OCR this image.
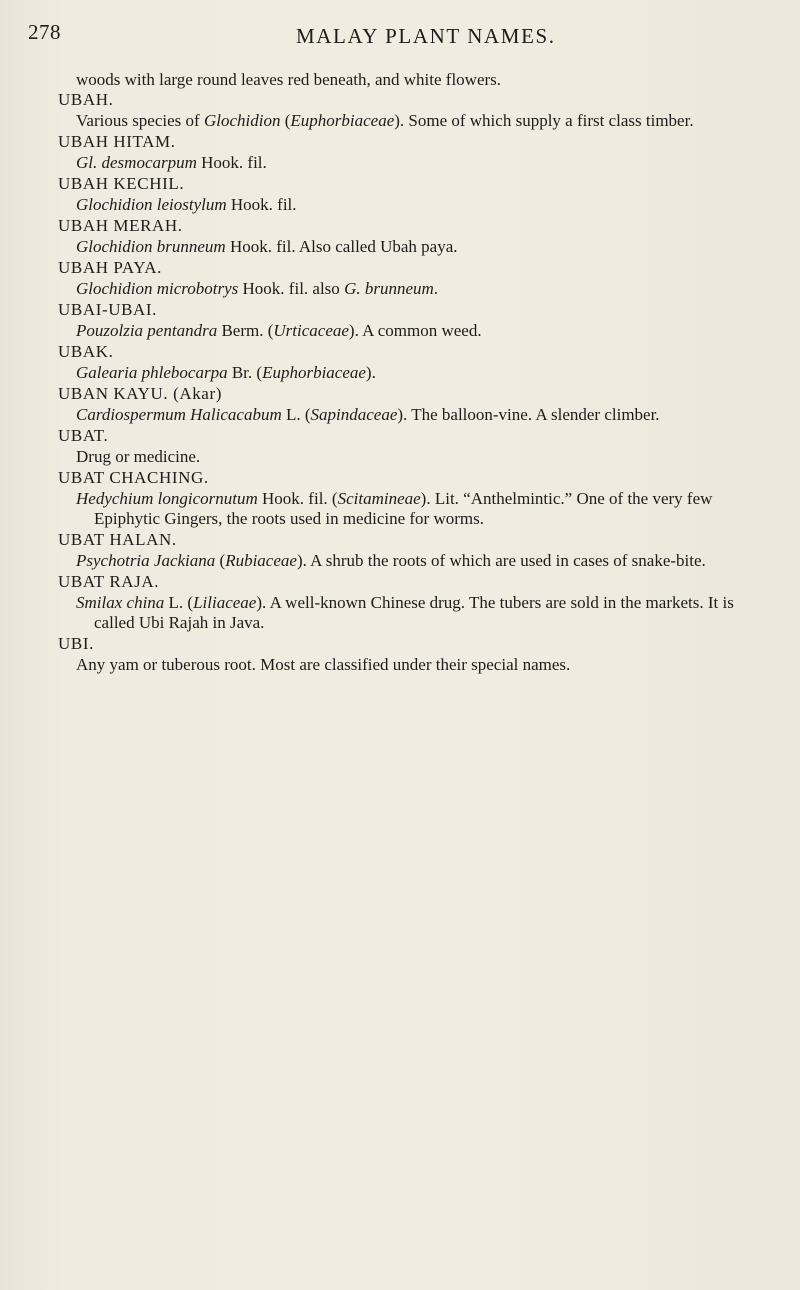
278	MALAY PLANT NAMES.

woods with large round leaves red beneath, and white flowers.

UBAH.

Various species of Glochidion (Euphorbiaceae). Some of which supply a first class timber.

UBAH HITAM.

Gl. desmocarpum Hook. fil.

UBAH KECHIL.

Glochidion leiostylum Hook. fil.

UBAH MERAH.

Glochidion brunneum Hook. fil. Also called Ubah paya.

UBAH PAYA.

Glochidion microbotrys Hook. fil. also G. brunneum.

UBAI-UBAI.

Pouzolzia pentandra Berm. (Urticaceae). A common weed.

UBAK.

Galearia phlebocarpa Br. (Euphorbiaceae).

UBAN KAYU. (Akar)

Cardiospermum Halicacabum L. (Sapindaceae). The balloon-vine. A slender climber.

UBAT.

Drug or medicine.

UBAT CHACHING.

Hedychium longicornutum Hook. fil. (Scitamineae). Lit. “Anthelmintic.” One of the very few Epiphytic Gingers, the roots used in medicine for worms.

UBAT HALAN.

Psychotria Jackiana (Rubiaceae). A shrub the roots of which are used in cases of snake-bite.

UBAT RAJA.

Smilax china L. (Liliaceae). A well-known Chinese drug. The tubers are sold in the markets. It is called Ubi Rajah in Java.

UBI.

Any yam or tuberous root. Most are classified under their special names.
